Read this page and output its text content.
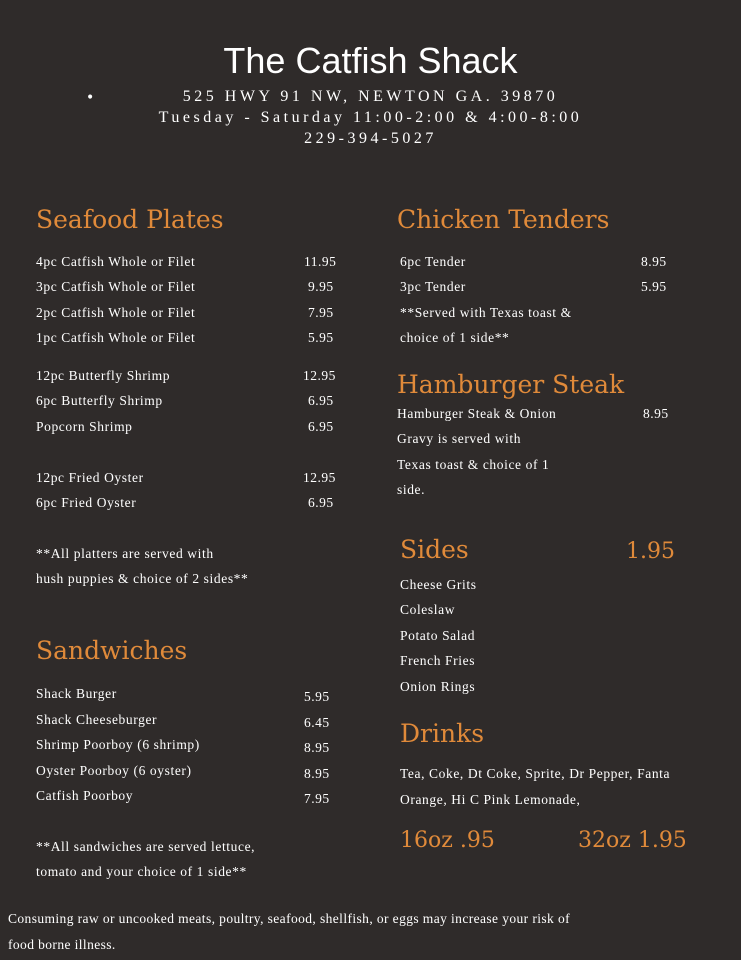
The Catfish Shack
•	525 HWY 91 NW, NEWTON GA. 39870
Tuesday - Saturday 11:00-2:00 & 4:00-8:00
229-394-5027
Seafood Plates
4pc Catfish Whole or Filet	11.95
3pc Catfish Whole or Filet	9.95
2pc Catfish Whole or Filet	7.95
1pc Catfish Whole or Filet	5.95
12pc Butterfly Shrimp	12.95
6pc Butterfly Shrimp	6.95
Popcorn Shrimp	6.95
12pc Fried Oyster	12.95
6pc Fried Oyster	6.95
**All platters are served with
hush puppies & choice of 2 sides**
Sandwiches
Shack Burger	5.95
Shack Cheeseburger	6.45
Shrimp Poorboy (6 shrimp)	8.95
Oyster Poorboy (6 oyster)	8.95
Catfish Poorboy	7.95
**All sandwiches are served lettuce,
tomato and your choice of 1 side**
Chicken Tenders
6pc Tender	8.95
3pc Tender	5.95
**Served with Texas toast &
choice of 1 side**
Hamburger Steak
Hamburger Steak & Onion	8.95
Gravy is served with
Texas toast & choice of 1
side.
Sides	1.95
Cheese Grits
Coleslaw
Potato Salad
French Fries
Onion Rings
Drinks
Tea, Coke, Dt Coke, Sprite, Dr Pepper, Fanta
Orange, Hi C Pink Lemonade,
16oz .95	32oz 1.95
Consuming raw or uncooked meats, poultry, seafood, shellfish, or eggs may increase your risk of
food borne illness.
